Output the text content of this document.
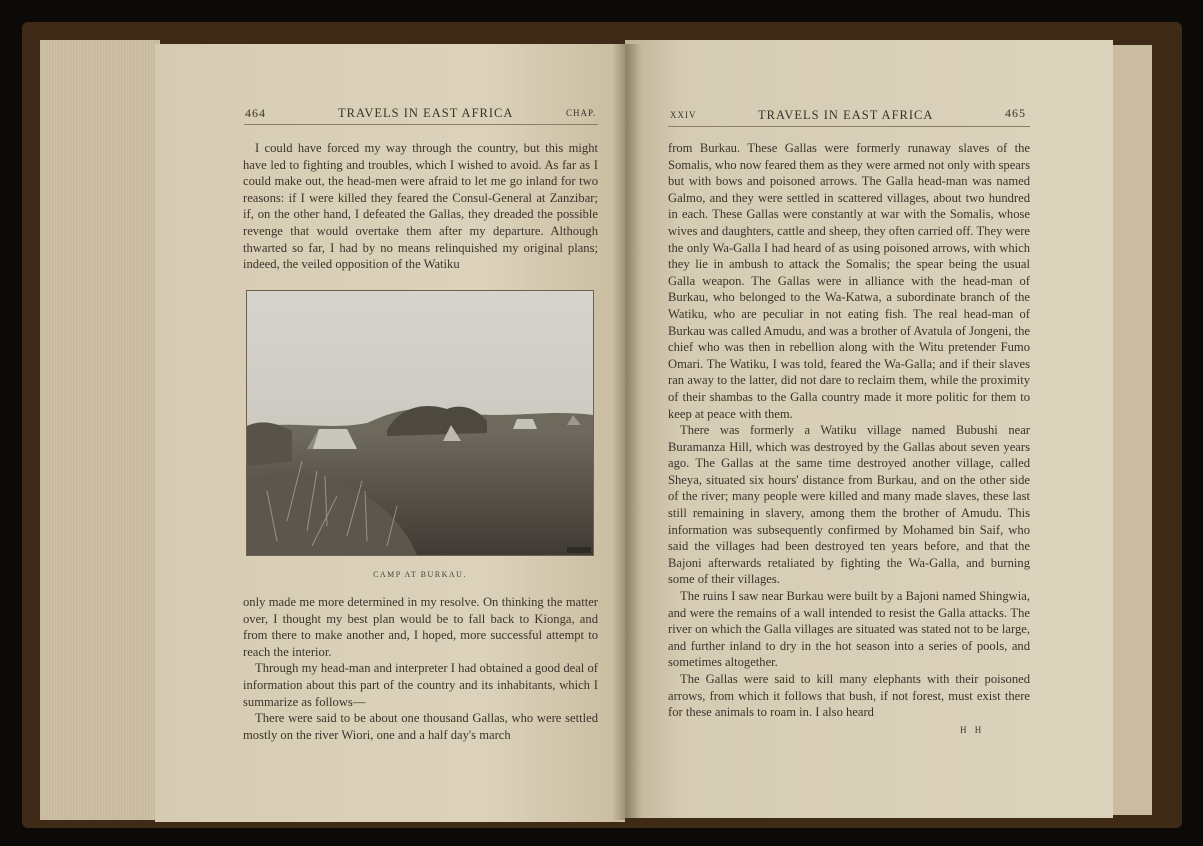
464	TRAVELS IN EAST AFRICA	CHAP.

I could have forced my way through the country, but this might have led to fighting and troubles, which I wished to avoid. As far as I could make out, the head-men were afraid to let me go inland for two reasons: if I were killed they feared the Consul-General at Zanzibar; if, on the other hand, I defeated the Gallas, they dreaded the possible revenge that would overtake them after my departure. Although thwarted so far, I had by no means relinquished my original plans; indeed, the veiled opposition of the Watiku

CAMP AT BURKAU.

only made me more determined in my resolve. On thinking the matter over, I thought my best plan would be to fall back to Kionga, and from there to make another and, I hoped, more successful attempt to reach the interior.

Through my head-man and interpreter I had obtained a good deal of information about this part of the country and its inhabitants, which I summarize as follows—

There were said to be about one thousand Gallas, who were settled mostly on the river Wiori, one and a half day's march

XXIV	TRAVELS IN EAST AFRICA	465

from Burkau. These Gallas were formerly runaway slaves of the Somalis, who now feared them as they were armed not only with spears but with bows and poisoned arrows. The Galla head-man was named Galmo, and they were settled in scattered villages, about two hundred in each. These Gallas were constantly at war with the Somalis, whose wives and daughters, cattle and sheep, they often carried off. They were the only Wa-Galla I had heard of as using poisoned arrows, with which they lie in ambush to attack the Somalis; the spear being the usual Galla weapon. The Gallas were in alliance with the head-man of Burkau, who belonged to the Wa-Katwa, a subordinate branch of the Watiku, who are peculiar in not eating fish. The real head-man of Burkau was called Amudu, and was a brother of Avatula of Jongeni, the chief who was then in rebellion along with the Witu pretender Fumo Omari. The Watiku, I was told, feared the Wa-Galla; and if their slaves ran away to the latter, did not dare to reclaim them, while the proximity of their shambas to the Galla country made it more politic for them to keep at peace with them.

There was formerly a Watiku village named Bubushi near Buramanza Hill, which was destroyed by the Gallas about seven years ago. The Gallas at the same time destroyed another village, called Sheya, situated six hours' distance from Burkau, and on the other side of the river; many people were killed and many made slaves, these last still remaining in slavery, among them the brother of Amudu. This information was subsequently confirmed by Mohamed bin Saif, who said the villages had been destroyed ten years before, and that the Bajoni afterwards retaliated by fighting the Wa-Galla, and burning some of their villages.

The ruins I saw near Burkau were built by a Bajoni named Shingwia, and were the remains of a wall intended to resist the Galla attacks. The river on which the Galla villages are situated was stated not to be large, and further inland to dry in the hot season into a series of pools, and sometimes altogether.

The Gallas were said to kill many elephants with their poisoned arrows, from which it follows that bush, if not forest, must exist there for these animals to roam in. I also heard

H H
